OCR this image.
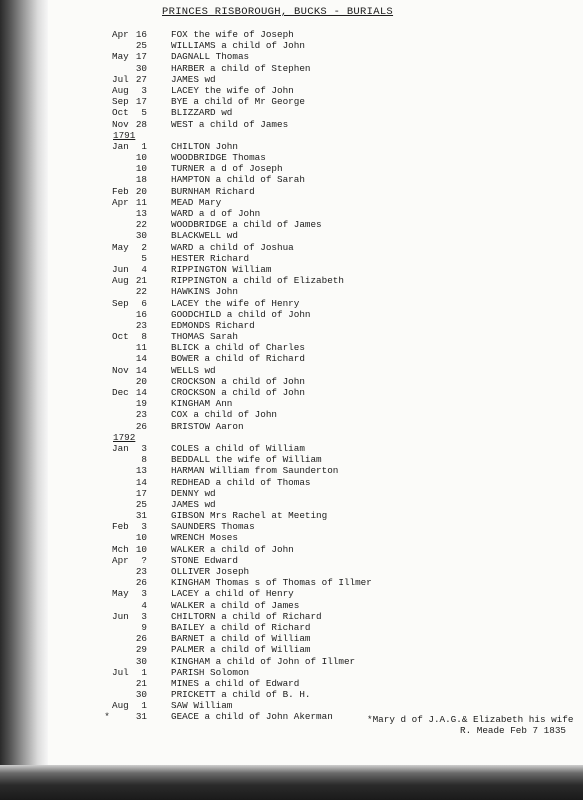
PRINCES RISBOROUGH, BUCKS - BURIALS
Apr 16	FOX the wife of Joseph
25	WILLIAMS a child of John
May 17	DAGNALL Thomas
30	HARBER a child of Stephen
Jul 27	JAMES wd
Aug	3	LACEY the wife of John
Sep 17	BYE a child of Mr George
Oct	5	BLIZZARD wd
Nov 28	WEST a child of James
1791
Jan	1	CHILTON John
10	WOODBRIDGE Thomas
10	TURNER a d of Joseph
18	HAMPTON a child of Sarah
Feb 20	BURNHAM Richard
Apr 11	MEAD Mary
13	WARD a d of John
22	WOODBRIDGE a child of James
30	BLACKWELL wd
May	2	WARD a child of Joshua
5	HESTER Richard
Jun	4	RIPPINGTON William
Aug 21	RIPPINGTON a child of Elizabeth
22	HAWKINS John
Sep	6	LACEY the wife of Henry
16	GOODCHILD a child of John
23	EDMONDS Richard
Oct	8	THOMAS Sarah
11	BLICK a child of Charles
14	BOWER a child of Richard
Nov 14	WELLS wd
20	CROCKSON a child of John
Dec 14	CROCKSON a child of John
19	KINGHAM Ann
23	COX a child of John
26	BRISTOW Aaron
1792
Jan	3	COLES a child of William
8	BEDDALL the wife of William
13	HARMAN William from Saunderton
14	REDHEAD a child of Thomas
17	DENNY wd
25	JAMES wd
31	GIBSON Mrs Rachel at Meeting
Feb	3	SAUNDERS Thomas
10	WRENCH Moses
Mch 10	WALKER a child of John
Apr	?	STONE Edward
23	OLLIVER Joseph
26	KINGHAM Thomas s of Thomas of Illmer
May	3	LACEY a child of Henry
4	WALKER a child of James
Jun	3	CHILTORN a child of Richard
9	BAILEY a child of Richard
26	BARNET a child of William
29	PALMER a child of William
30	KINGHAM a child of John of Illmer
Jul	1	PARISH Solomon
21	MINES a child of Edward
30	PRICKETT a child of B. H.
Aug	1	SAW William
*	31	GEACE a child of John Akerman	*Mary d of J.A.G.& Elizabeth his wife
R. Meade Feb 7 1835
